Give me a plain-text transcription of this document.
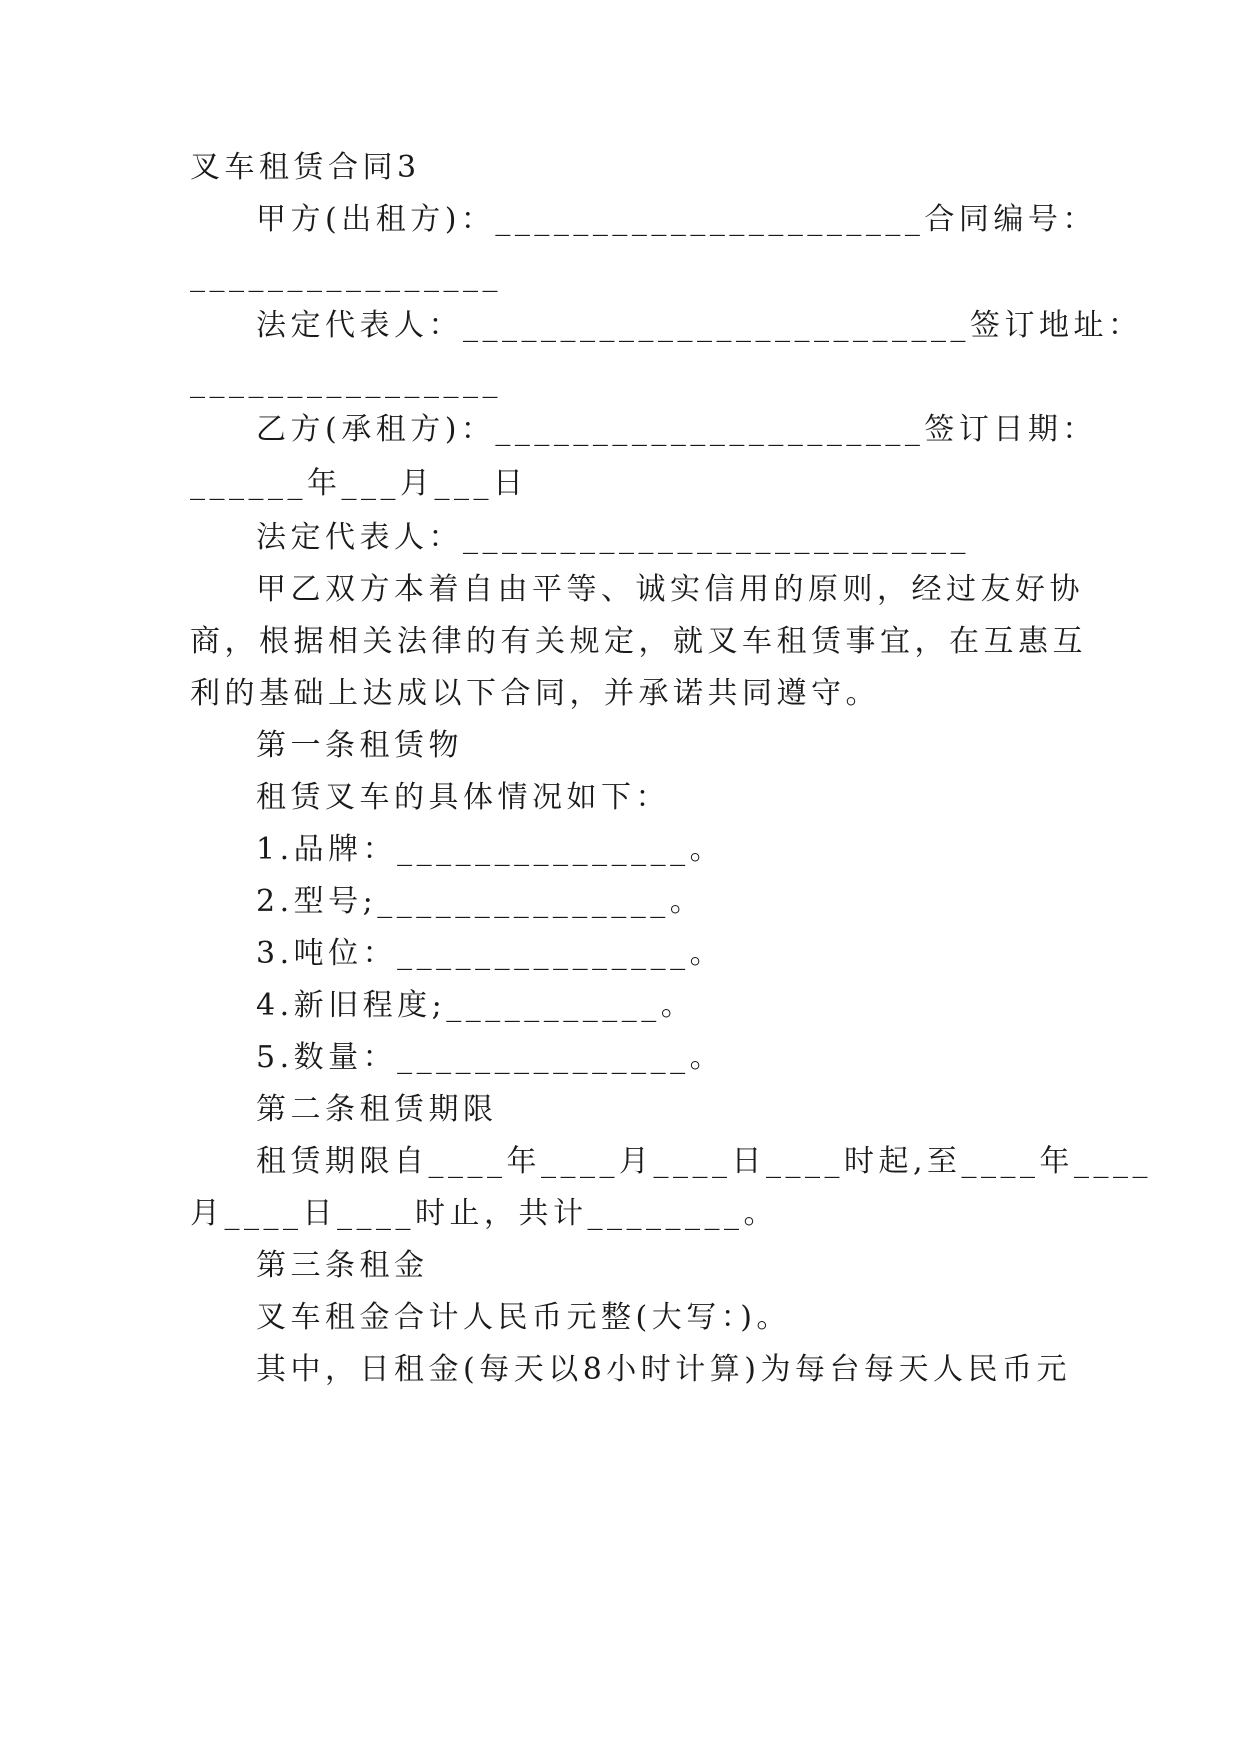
叉车租赁合同3
甲方(出租方)：______________________合同编号：
________________
法定代表人：__________________________签订地址：
________________
乙方(承租方)：______________________签订日期：
______年___月___日
法定代表人：__________________________
甲乙双方本着自由平等、诚实信用的原则，经过友好协
商，根据相关法律的有关规定，就叉车租赁事宜，在互惠互
利的基础上达成以下合同，并承诺共同遵守。
第一条租赁物
租赁叉车的具体情况如下：
1.品牌：_______________。
2.型号;_______________。
3.吨位：_______________。
4.新旧程度;___________。
5.数量：_______________。
第二条租赁期限
租赁期限自____年____月____日____时起,至____年____
月____日____时止，共计________。
第三条租金
叉车租金合计人民币元整(大写：)。
其中，日租金(每天以8小时计算)为每台每天人民币元
